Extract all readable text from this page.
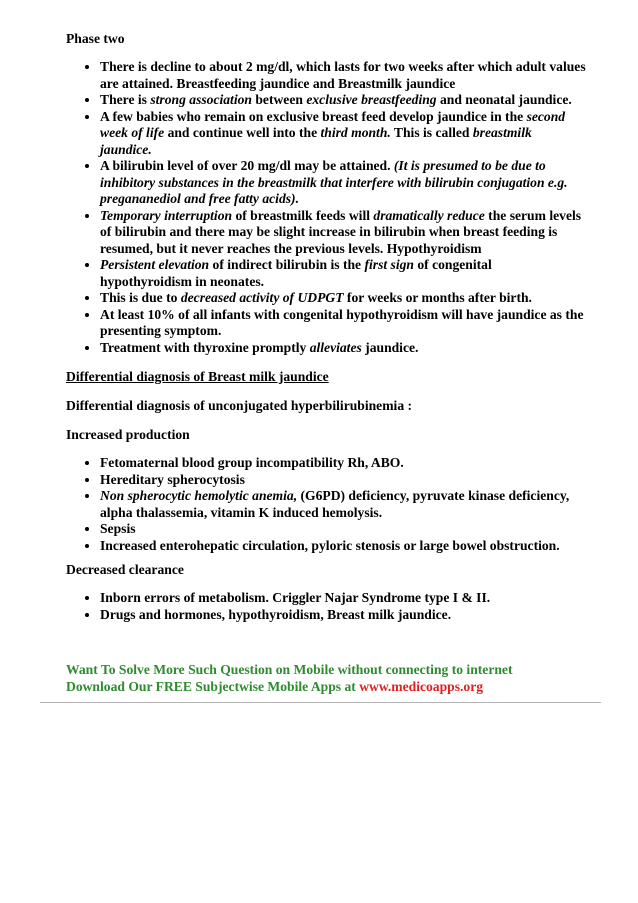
Phase two
• There is decline to about 2 mg/dl, which lasts for two weeks after which adult values are attained. Breastfeeding jaundice and Breastmilk jaundice
• There is strong association between exclusive breastfeeding and neonatal jaundice.
• A few babies who remain on exclusive breast feed develop jaundice in the second week of life and continue well into the third month. This is called breastmilk jaundice.
• A bilirubin level of over 20 mg/dl may be attained. (It is presumed to be due to inhibitory substances in the breastmilk that interfere with bilirubin conjugation e.g. pregananediol and free fatty acids).
• Temporary interruption of breastmilk feeds will dramatically reduce the serum levels of bilirubin and there may be slight increase in bilirubin when breast feeding is resumed, but it never reaches the previous levels. Hypothyroidism
• Persistent elevation of indirect bilirubin is the first sign of congenital hypothyroidism in neonates.
• This is due to decreased activity of UDPGT for weeks or months after birth.
• At least 10% of all infants with congenital hypothyroidism will have jaundice as the presenting symptom.
• Treatment with thyroxine promptly alleviates jaundice.
Differential diagnosis of Breast milk jaundice
Differential diagnosis of unconjugated hyperbilirubinemia :
Increased production
• Fetomaternal blood group incompatibility Rh, ABO.
• Hereditary spherocytosis
• Non spherocytic hemolytic anemia, (G6PD) deficiency, pyruvate kinase deficiency, alpha thalassemia, vitamin K induced hemolysis.
• Sepsis
• Increased enterohepatic circulation, pyloric stenosis or large bowel obstruction.
Decreased clearance
• Inborn errors of metabolism. Criggler Najar Syndrome type I & II.
• Drugs and hormones, hypothyroidism, Breast milk jaundice.
Want To Solve More Such Question on Mobile without connecting to internet
Download Our FREE Subjectwise Mobile Apps at www.medicoapps.org
